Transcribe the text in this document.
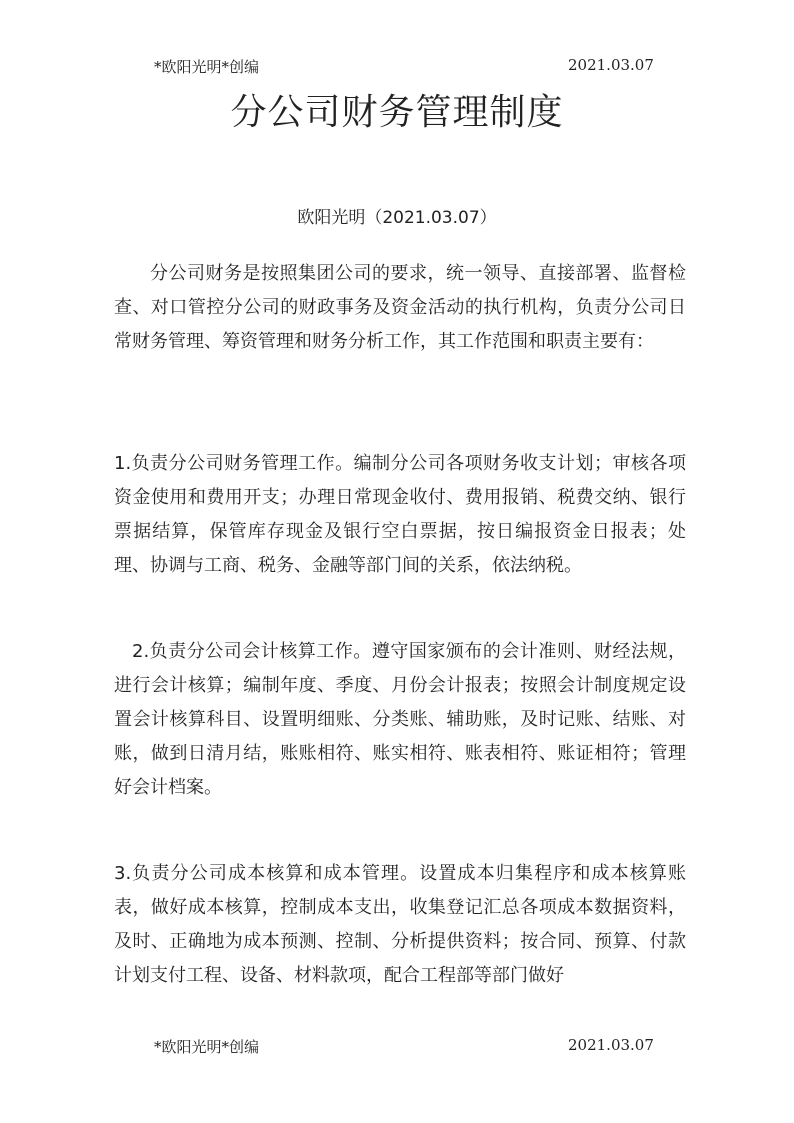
*欧阳光明*创编	2021.03.07
分公司财务管理制度
欧阳光明（2021.03.07）

分公司财务是按照集团公司的要求，统一领导、直接部署、监督检查、对口管控分公司的财政事务及资金活动的执行机构，负责分公司日常财务管理、筹资管理和财务分析工作，其工作范围和职责主要有：

1.负责分公司财务管理工作。编制分公司各项财务收支计划；审核各项资金使用和费用开支；办理日常现金收付、费用报销、税费交纳、银行票据结算，保管库存现金及银行空白票据，按日编报资金日报表；处理、协调与工商、税务、金融等部门间的关系，依法纳税。

2.负责分公司会计核算工作。遵守国家颁布的会计准则、财经法规，进行会计核算；编制年度、季度、月份会计报表；按照会计制度规定设置会计核算科目、设置明细账、分类账、辅助账，及时记账、结账、对账，做到日清月结，账账相符、账实相符、账表相符、账证相符；管理好会计档案。

3.负责分公司成本核算和成本管理。设置成本归集程序和成本核算账表，做好成本核算，控制成本支出，收集登记汇总各项成本数据资料，及时、正确地为成本预测、控制、分析提供资料；按合同、预算、付款计划支付工程、设备、材料款项，配合工程部等部门做好

*欧阳光明*创编	2021.03.07
